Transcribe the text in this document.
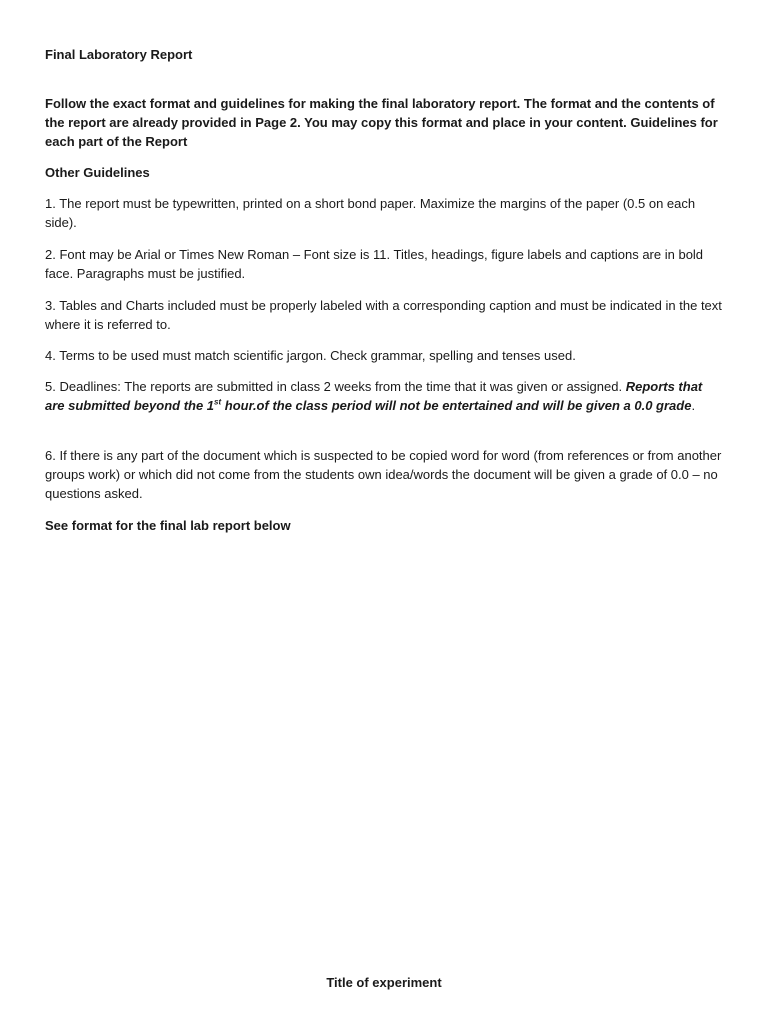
Final Laboratory Report

Follow the exact format and guidelines for making the final laboratory report. The format and the contents of the report are already provided in Page 2. You may copy this format and place in your content. Guidelines for each part of the Report

Other Guidelines

1. The report must be typewritten, printed on a short bond paper. Maximize the margins of the paper (0.5 on each side).

2. Font may be Arial or Times New Roman – Font size is 11. Titles, headings, figure labels and captions are in bold face. Paragraphs must be justified.

3. Tables and Charts included must be properly labeled with a corresponding caption and must be indicated in the text where it is referred to.

4. Terms to be used must match scientific jargon. Check grammar, spelling and tenses used.

5. Deadlines: The reports are submitted in class 2 weeks from the time that it was given or assigned. Reports that are submitted beyond the 1st hour.of the class period will not be entertained and will be given a 0.0 grade.

6. If there is any part of the document which is suspected to be copied word for word (from references or from another groups work) or which did not come from the students own idea/words the document will be given a grade of 0.0 – no questions asked.

See format for the final lab report below

Title of experiment
